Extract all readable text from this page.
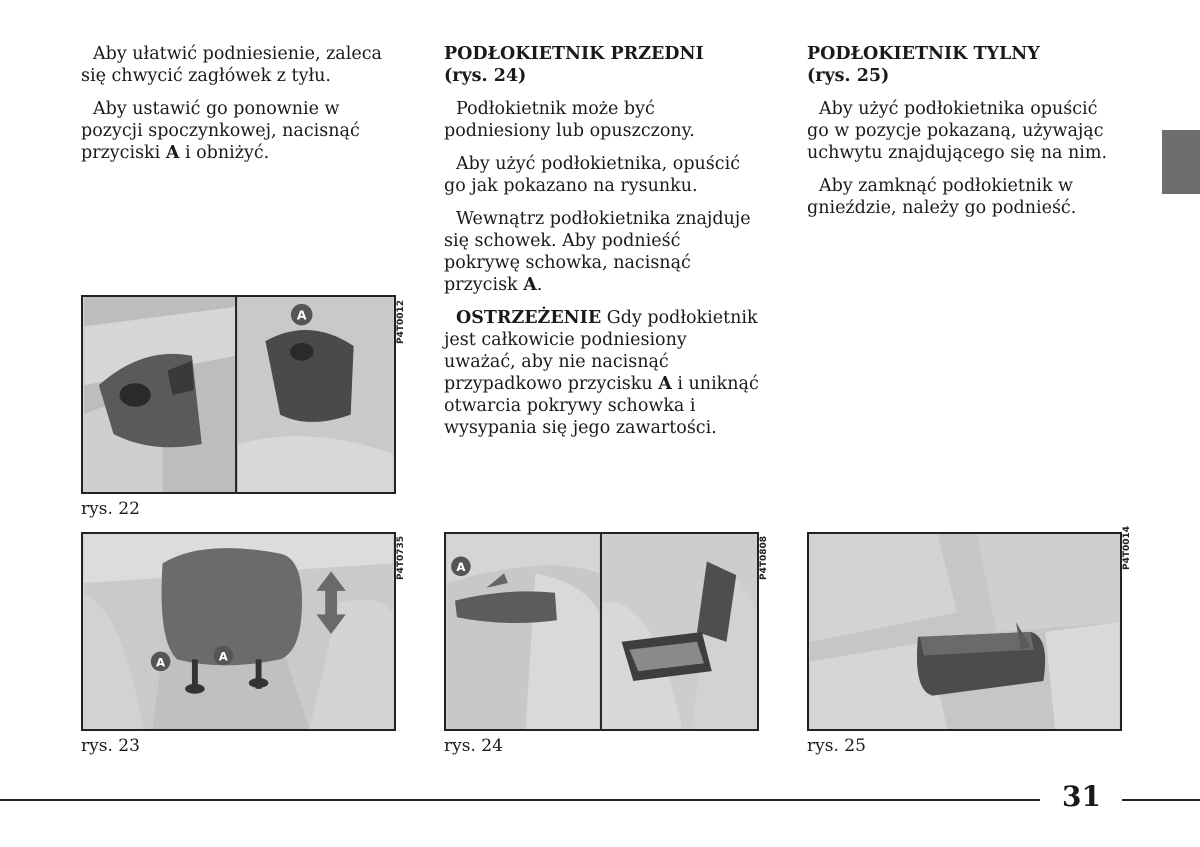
Aby ułatwić podniesienie, zaleca się chwycić zagłówek z tyłu.

Aby ustawić go ponownie w pozycji spoczynkowej, nacisnąć przyciski A i obniżyć.

PODŁOKIETNIK PRZEDNI
(rys. 24)

Podłokietnik może być podniesiony lub opuszczony.

Aby użyć podłokietnika, opuścić go jak pokazano na rysunku.

Wewnątrz podłokietnika znajduje się schowek. Aby podnieść pokrywę schowka, nacisnąć przycisk A.

OSTRZEŻENIE Gdy podłokietnik jest całkowicie podniesiony uważać, aby nie nacisnąć przypadkowo przycisku A i uniknąć otwarcia pokrywy schowka i wysypania się jego zawartości.

PODŁOKIETNIK TYLNY
(rys. 25)

Aby użyć podłokietnika opuścić go w pozycje pokazaną, używając uchwytu znajdującego się na nim.

Aby zamknąć podłokietnik w gnieździe, należy go podnieść.

A	P4T0012
rys. 22
A	A
P4T0735
rys. 23
A	P4T0808
rys. 24
P4T0014
rys. 25
31
